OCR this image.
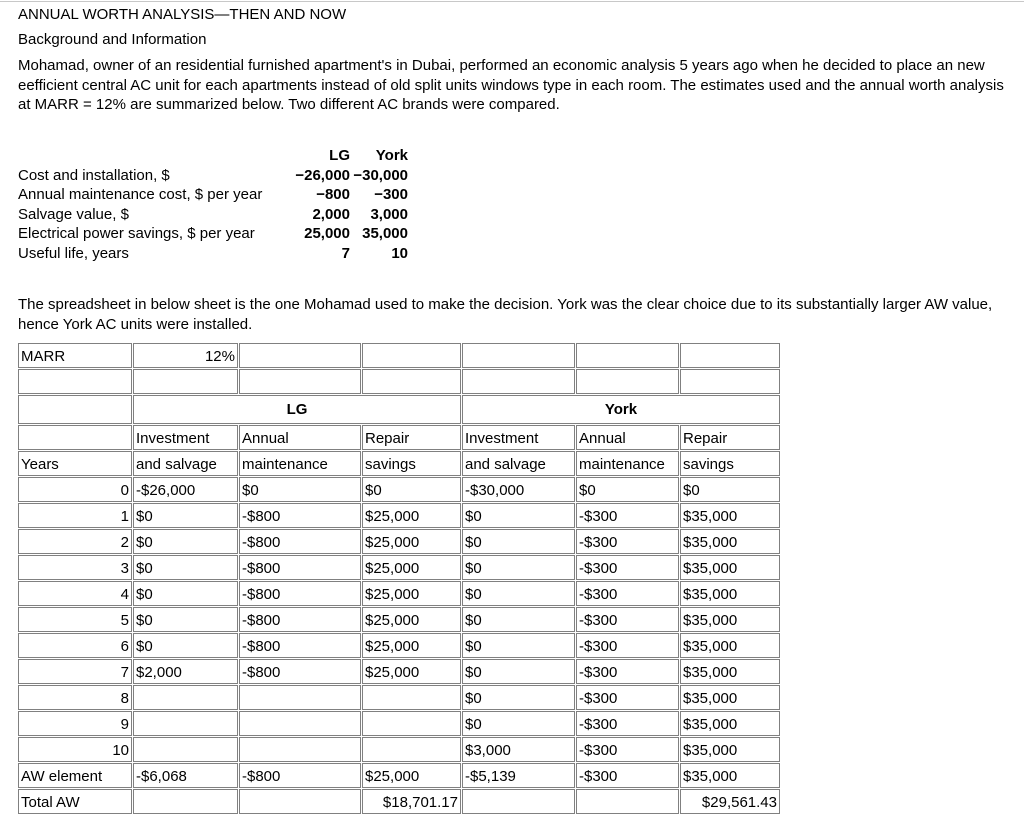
ANNUAL WORTH ANALYSIS—THEN AND NOW
Background and Information

Mohamad, owner of an residential furnished apartment's in Dubai, performed an economic analysis 5 years ago when he decided to place an new eefficient central AC unit for each apartments instead of old split units windows type in each room. The estimates used and the annual worth analysis at MARR = 12% are summarized below. Two different AC brands were compared.

	LG	York
Cost and installation, $	−26,000	−30,000
Annual maintenance cost, $ per year	−800	−300
Salvage value, $	2,000	3,000
Electrical power savings, $ per year	25,000	35,000
Useful life, years	7	10

The spreadsheet in below sheet is the one Mohamad used to make the decision. York was the clear choice due to its substantially larger AW value, hence York AC units were installed.

MARR	12%					

	LG			York		
	Investment	Annual	Repair	Investment	Annual	Repair
Years	and salvage	maintenance	savings	and salvage	maintenance	savings
0	-$26,000	$0	$0	-$30,000	$0	$0
1	$0	-$800	$25,000	$0	-$300	$35,000
2	$0	-$800	$25,000	$0	-$300	$35,000
3	$0	-$800	$25,000	$0	-$300	$35,000
4	$0	-$800	$25,000	$0	-$300	$35,000
5	$0	-$800	$25,000	$0	-$300	$35,000
6	$0	-$800	$25,000	$0	-$300	$35,000
7	$2,000	-$800	$25,000	$0	-$300	$35,000
8				$0	-$300	$35,000
9				$0	-$300	$35,000
10				$3,000	-$300	$35,000
AW element	-$6,068	-$800	$25,000	-$5,139	-$300	$35,000
Total AW			$18,701.17			$29,561.43
